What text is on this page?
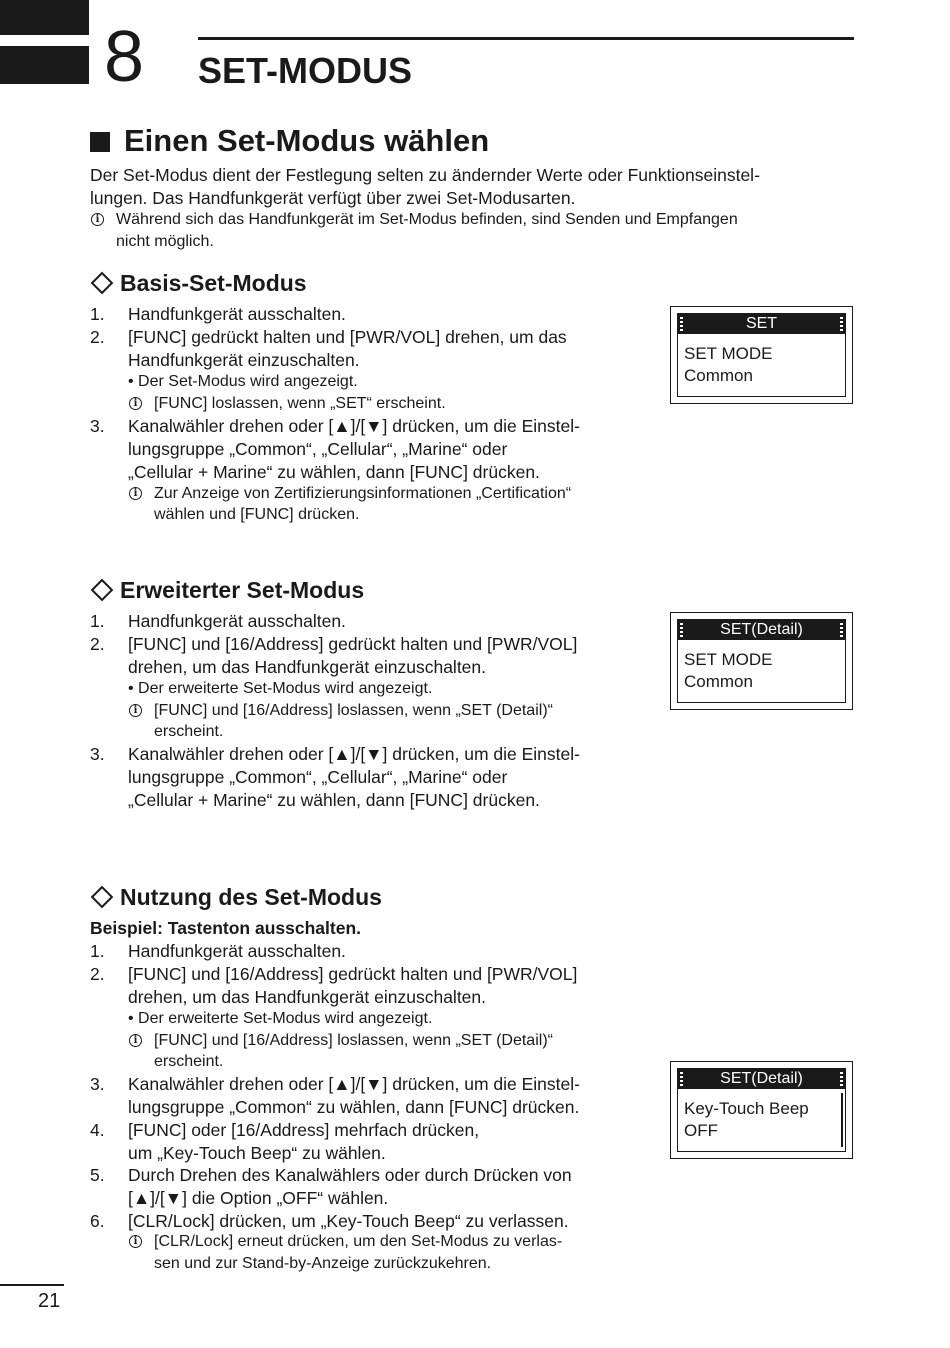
8 SET-MODUS
Einen Set-Modus wählen
Der Set-Modus dient der Festlegung selten zu ändernder Werte oder Funktionseinstel-
lungen. Das Handfunkgerät verfügt über zwei Set-Modusarten.
i Während sich das Handfunkgerät im Set-Modus befinden, sind Senden und Empfangen
nicht möglich.
Basis-Set-Modus
1. Handfunkgerät ausschalten.
2. [FUNC] gedrückt halten und [PWR/VOL] drehen, um das
Handfunkgerät einzuschalten.
• Der Set-Modus wird angezeigt.
i [FUNC] loslassen, wenn „SET“ erscheint.
3. Kanalwähler drehen oder [▲]/[▼] drücken, um die Einstel-
lungsgruppe „Common“, „Cellular“, „Marine“ oder
„Cellular + Marine“ zu wählen, dann [FUNC] drücken.
i Zur Anzeige von Zertifizierungsinformationen „Certification“
wählen und [FUNC] drücken.
SET
SET MODE
Common
Erweiterter Set-Modus
1. Handfunkgerät ausschalten.
2. [FUNC] und [16/Address] gedrückt halten und [PWR/VOL]
drehen, um das Handfunkgerät einzuschalten.
• Der erweiterte Set-Modus wird angezeigt.
i [FUNC] und [16/Address] loslassen, wenn „SET (Detail)“
erscheint.
3. Kanalwähler drehen oder [▲]/[▼] drücken, um die Einstel-
lungsgruppe „Common“, „Cellular“, „Marine“ oder
„Cellular + Marine“ zu wählen, dann [FUNC] drücken.
SET(Detail)
SET MODE
Common
Nutzung des Set-Modus
Beispiel: Tastenton ausschalten.
1. Handfunkgerät ausschalten.
2. [FUNC] und [16/Address] gedrückt halten und [PWR/VOL]
drehen, um das Handfunkgerät einzuschalten.
• Der erweiterte Set-Modus wird angezeigt.
i [FUNC] und [16/Address] loslassen, wenn „SET (Detail)“
erscheint.
3. Kanalwähler drehen oder [▲]/[▼] drücken, um die Einstel-
lungsgruppe „Common“ zu wählen, dann [FUNC] drücken.
4. [FUNC] oder [16/Address] mehrfach drücken,
um „Key-Touch Beep“ zu wählen.
5. Durch Drehen des Kanalwählers oder durch Drücken von
[▲]/[▼] die Option „OFF“ wählen.
6. [CLR/Lock] drücken, um „Key-Touch Beep“ zu verlassen.
i [CLR/Lock] erneut drücken, um den Set-Modus zu verlas-
sen und zur Stand-by-Anzeige zurückzukehren.
SET(Detail)
Key-Touch Beep
OFF
21
